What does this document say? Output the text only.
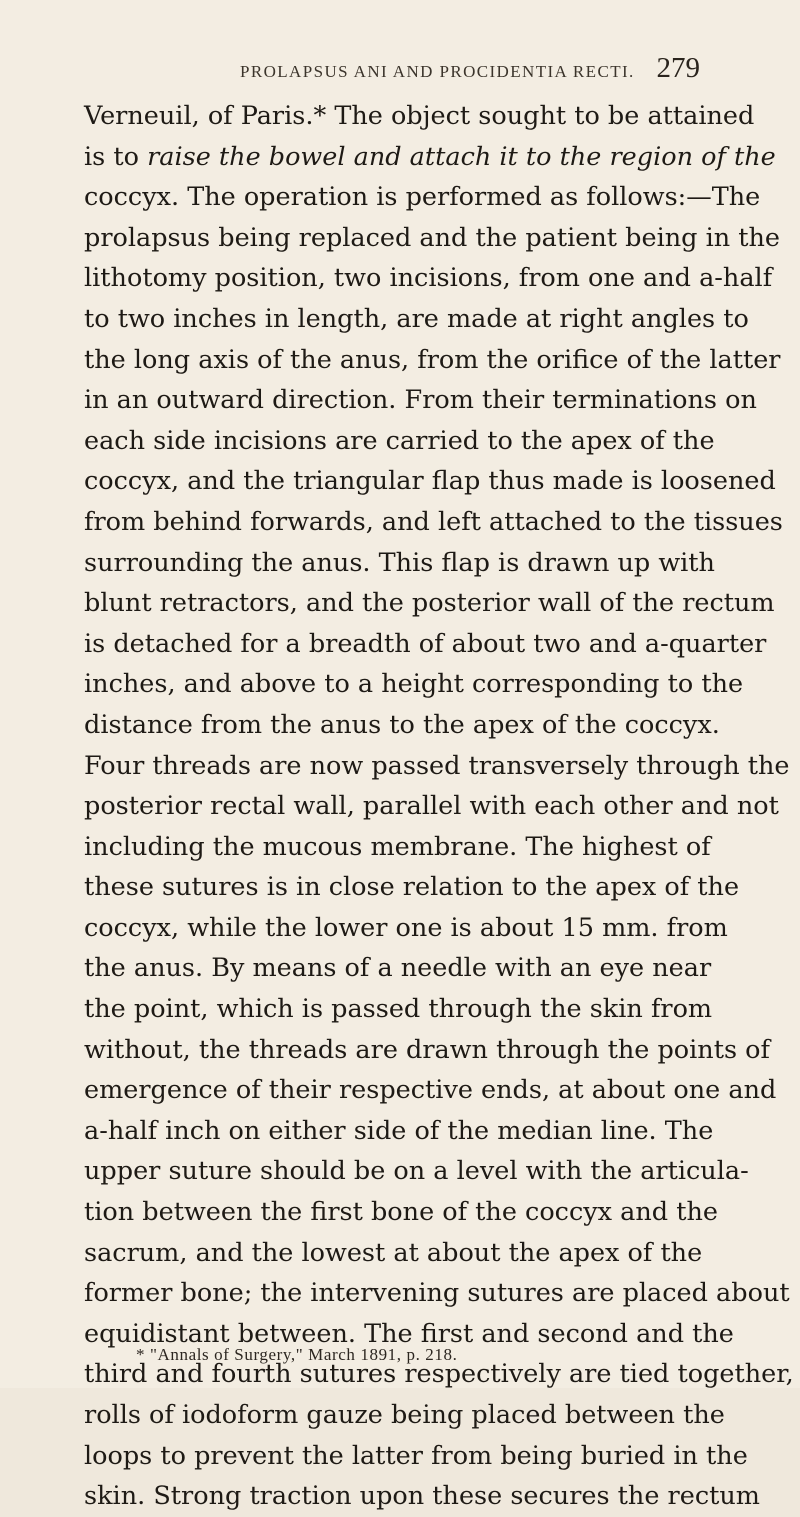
PROLAPSUS ANI AND PROCIDENTIA RECTI. 279
Verneuil, of Paris.* The object sought to be attained
is to raise the bowel and attach it to the region of the
coccyx. The operation is performed as follows:—The
prolapsus being replaced and the patient being in the
lithotomy position, two incisions, from one and a-half
to two inches in length, are made at right angles to
the long axis of the anus, from the orifice of the latter
in an outward direction. From their terminations on
each side incisions are carried to the apex of the
coccyx, and the triangular flap thus made is loosened
from behind forwards, and left attached to the tissues
surrounding the anus. This flap is drawn up with
blunt retractors, and the posterior wall of the rectum
is detached for a breadth of about two and a-quarter
inches, and above to a height corresponding to the
distance from the anus to the apex of the coccyx.
Four threads are now passed transversely through the
posterior rectal wall, parallel with each other and not
including the mucous membrane. The highest of
these sutures is in close relation to the apex of the
coccyx, while the lower one is about 15 mm. from
the anus. By means of a needle with an eye near
the point, which is passed through the skin from
without, the threads are drawn through the points of
emergence of their respective ends, at about one and
a-half inch on either side of the median line. The
upper suture should be on a level with the articula-
tion between the first bone of the coccyx and the
sacrum, and the lowest at about the apex of the
former bone; the intervening sutures are placed about
equidistant between. The first and second and the
third and fourth sutures respectively are tied together,
rolls of iodoform gauze being placed between the
loops to prevent the latter from being buried in the
skin. Strong traction upon these secures the rectum
* "Annals of Surgery," March 1891, p. 218.
